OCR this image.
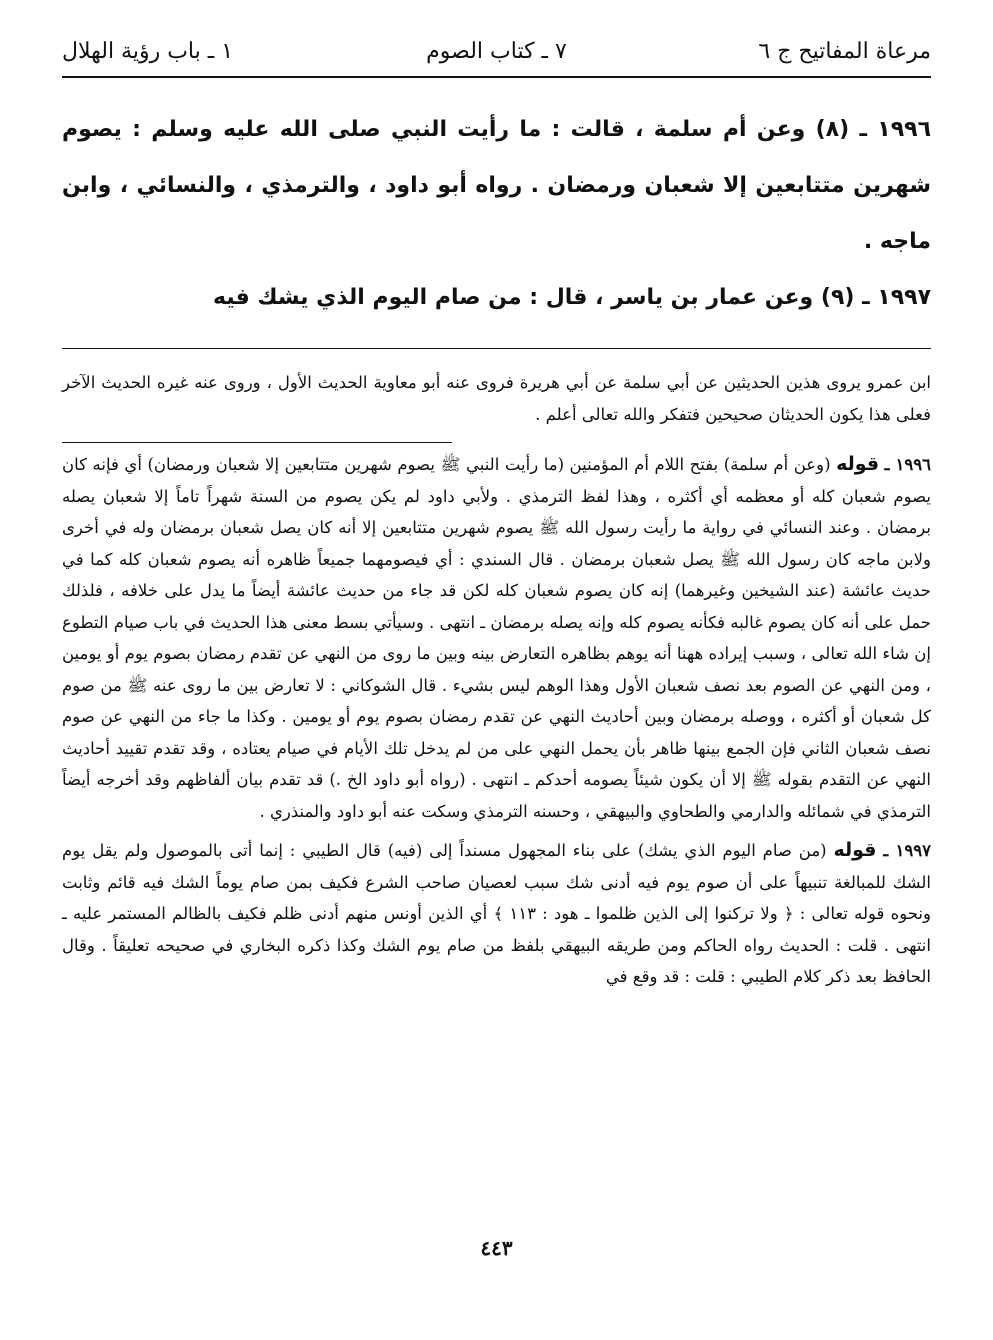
مرعاة المفاتيح ج ٦
٧ ـ كتاب الصوم
١ ـ باب رؤية الهلال

١٩٩٦ ـ (٨) وعن أم سلمة ، قالت : ما رأيت النبي صلى الله عليه وسلم : يصوم شهرين متتابعين إلا شعبان ورمضان . رواه أبو داود ، والترمذي ، والنسائي ، وابن ماجه .

١٩٩٧ ـ (٩) وعن عمار بن ياسر ، قال : من صام اليوم الذي يشك فيه

ابن عمرو يروى هذين الحديثين عن أبي سلمة عن أبي هريرة فروى عنه أبو معاوية الحديث الأول ، وروى عنه غيره الحديث الآخر فعلى هذا يكون الحديثان صحيحين فتفكر والله تعالى أعلم .

١٩٩٦ ـ قوله (وعن أم سلمة) بفتح اللام أم المؤمنين (ما رأيت النبي ﷺ يصوم شهرين متتابعين إلا شعبان ورمضان) أي فإنه كان يصوم شعبان كله أو معظمه أي أكثره ، وهذا لفظ الترمذي . ولأبي داود لم يكن يصوم من السنة شهراً تاماً إلا شعبان يصله برمضان . وعند النسائي في رواية ما رأيت رسول الله ﷺ يصوم شهرين متتابعين إلا أنه كان يصل شعبان برمضان وله في أخرى ولابن ماجه كان رسول الله ﷺ يصل شعبان برمضان . قال السندي : أي فيصومهما جميعاً ظاهره أنه يصوم شعبان كله كما في حديث عائشة (عند الشيخين وغيرهما) إنه كان يصوم شعبان كله لكن قد جاء من حديث عائشة أيضاً ما يدل على خلافه ، فلذلك حمل على أنه كان يصوم غالبه فكأنه يصوم كله وإنه يصله برمضان ـ انتهى . وسيأتي بسط معنى هذا الحديث في باب صيام التطوع إن شاء الله تعالى ، وسبب إيراده ههنا أنه يوهم بظاهره التعارض بينه وبين ما روى من النهي عن تقدم رمضان بصوم يوم أو يومين ، ومن النهي عن الصوم بعد نصف شعبان الأول وهذا الوهم ليس بشيء . قال الشوكاني : لا تعارض بين ما روى عنه ﷺ من صوم كل شعبان أو أكثره ، ووصله برمضان وبين أحاديث النهي عن تقدم رمضان بصوم يوم أو يومين . وكذا ما جاء من النهي عن صوم نصف شعبان الثاني فإن الجمع بينها ظاهر بأن يحمل النهي على من لم يدخل تلك الأيام في صيام يعتاده ، وقد تقدم تقييد أحاديث النهي عن التقدم بقوله ﷺ إلا أن يكون شيئاً يصومه أحدكم ـ انتهى . (رواه أبو داود الخ .) قد تقدم بيان ألفاظهم وقد أخرجه أيضاً الترمذي في شمائله والدارمي والطحاوي والبيهقي ، وحسنه الترمذي وسكت عنه أبو داود والمنذري .

١٩٩٧ ـ قوله (من صام اليوم الذي يشك) على بناء المجهول مسنداً إلى (فيه) قال الطيبي : إنما أتى بالموصول ولم يقل يوم الشك للمبالغة تنبيهاً على أن صوم يوم فيه أدنى شك سبب لعصيان صاحب الشرع فكيف بمن صام يوماً الشك فيه قائم وثابت ونحوه قوله تعالى : ﴿ ولا تركنوا إلى الذين ظلموا ـ هود : ١١٣ ﴾ أي الذين أونس منهم أدنى ظلم فكيف بالظالم المستمر عليه ـ انتهى . قلت : الحديث رواه الحاكم ومن طريقه البيهقي بلفظ من صام يوم الشك وكذا ذكره البخاري في صحيحه تعليقاً . وقال الحافظ بعد ذكر كلام الطيبي : قلت : قد وقع في

٤٤٣
